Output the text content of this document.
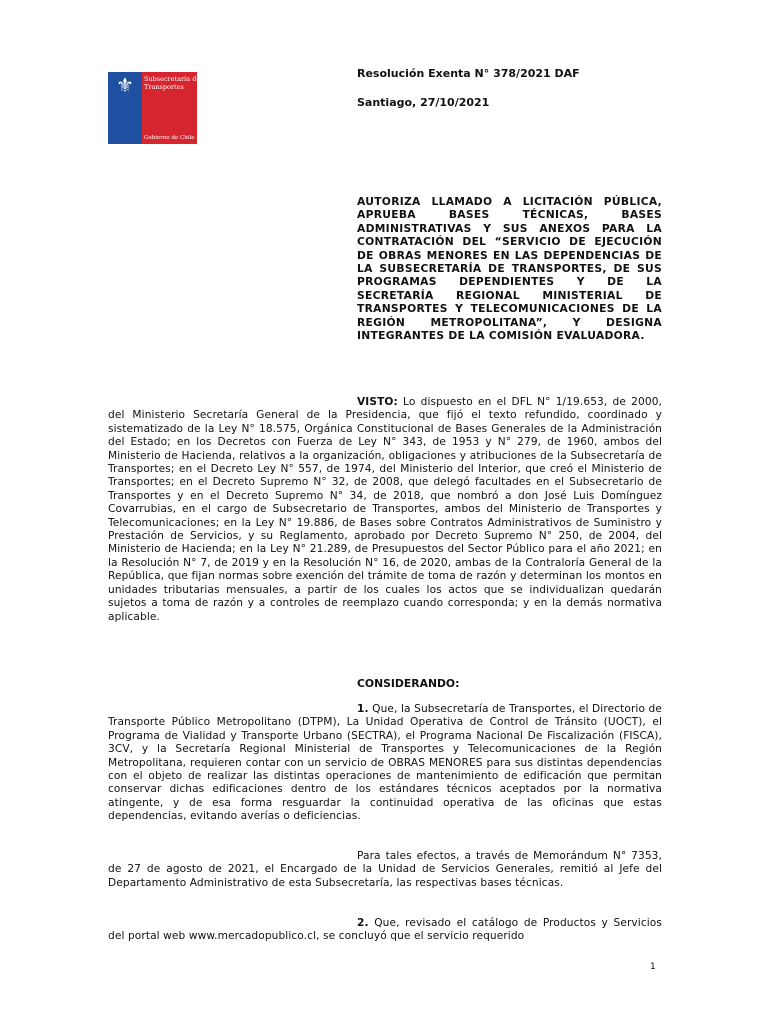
⚜	Subsecretaría de
Transportes
Gobierno de Chile
Resolución Exenta N° 378/2021 DAF
Santiago, 27/10/2021
AUTORIZA LLAMADO A LICITACIÓN PÚBLICA, APRUEBA BASES TÉCNICAS, BASES ADMINISTRATIVAS Y SUS ANEXOS PARA LA CONTRATACIÓN DEL “SERVICIO DE EJECUCIÓN DE OBRAS MENORES EN LAS DEPENDENCIAS DE LA SUBSECRETARÍA DE TRANSPORTES, DE SUS PROGRAMAS DEPENDIENTES Y DE LA SECRETARÍA REGIONAL MINISTERIAL DE TRANSPORTES Y TELECOMUNICACIONES DE LA REGIÓN METROPOLITANA”, Y DESIGNA INTEGRANTES DE LA COMISIÓN EVALUADORA.
VISTO: Lo dispuesto en el DFL N° 1/19.653, de 2000, del Ministerio Secretaría General de la Presidencia, que fijó el texto refundido, coordinado y sistematizado de la Ley N° 18.575, Orgánica Constitucional de Bases Generales de la Administración del Estado; en los Decretos con Fuerza de Ley N° 343, de 1953 y N° 279, de 1960, ambos del Ministerio de Hacienda, relativos a la organización, obligaciones y atribuciones de la Subsecretaría de Transportes; en el Decreto Ley N° 557, de 1974, del Ministerio del Interior, que creó el Ministerio de Transportes; en el Decreto Supremo N° 32, de 2008, que delegó facultades en el Subsecretario de Transportes y en el Decreto Supremo N° 34, de 2018, que nombró a don José Luis Domínguez Covarrubias, en el cargo de Subsecretario de Transportes, ambos del Ministerio de Transportes y Telecomunicaciones; en la Ley N° 19.886, de Bases sobre Contratos Administrativos de Suministro y Prestación de Servicios, y su Reglamento, aprobado por Decreto Supremo N° 250, de 2004, del Ministerio de Hacienda; en la Ley N° 21.289, de Presupuestos del Sector Público para el año 2021; en la Resolución N° 7, de 2019 y en la Resolución N° 16, de 2020, ambas de la Contraloría General de la República, que fijan normas sobre exención del trámite de toma de razón y determinan los montos en unidades tributarias mensuales, a partir de los cuales los actos que se individualizan quedarán sujetos a toma de razón y a controles de reemplazo cuando corresponda; y en la demás normativa aplicable.
CONSIDERANDO:
1. Que, la Subsecretaría de Transportes, el Directorio de Transporte Público Metropolitano (DTPM), La Unidad Operativa de Control de Tránsito (UOCT), el Programa de Vialidad y Transporte Urbano (SECTRA), el Programa Nacional De Fiscalización (FISCA), 3CV, y la Secretaría Regional Ministerial de Transportes y Telecomunicaciones de la Región Metropolitana, requieren contar con un servicio de OBRAS MENORES para sus distintas dependencias con el objeto de realizar las distintas operaciones de mantenimiento de edificación que permitan conservar dichas edificaciones dentro de los estándares técnicos aceptados por la normativa atingente, y de esa forma resguardar la continuidad operativa de las oficinas que estas dependencias, evitando averías o deficiencias.
Para tales efectos, a través de Memorándum N° 7353, de 27 de agosto de 2021, el Encargado de la Unidad de Servicios Generales, remitió al Jefe del Departamento Administrativo de esta Subsecretaría, las respectivas bases técnicas.
2. Que, revisado el catálogo de Productos y Servicios del portal web www.mercadopublico.cl, se concluyó que el servicio requerido
1
